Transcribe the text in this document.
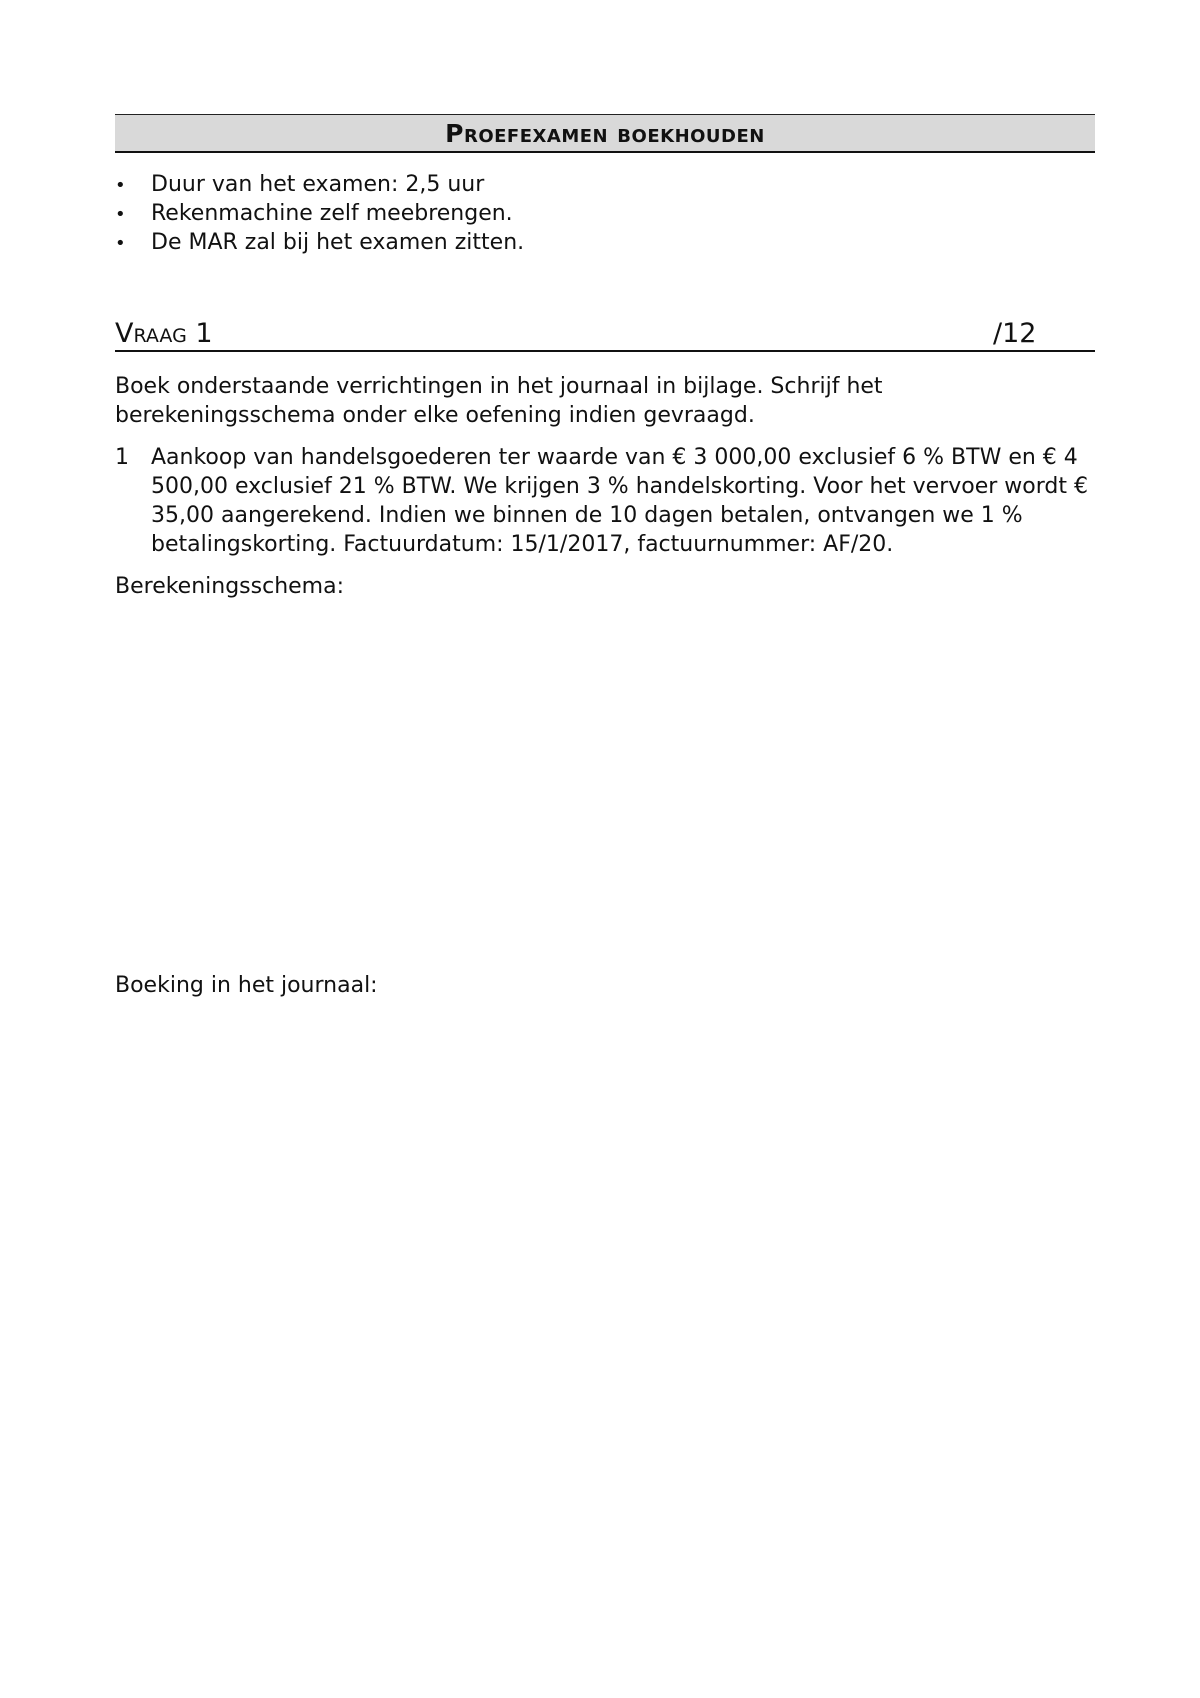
Proefexamen boekhouden
•	Duur van het examen: 2,5 uur
•	Rekenmachine zelf meebrengen.
•	De MAR zal bij het examen zitten.
Vraag 1	/12

Boek onderstaande verrichtingen in het journaal in bijlage. Schrijf het berekeningsschema onder elke oefening indien gevraagd.

1	Aankoop van handelsgoederen ter waarde van € 3 000,00 exclusief 6 % BTW en € 4 500,00 exclusief 21 % BTW. We krijgen 3 % handelskorting. Voor het vervoer wordt € 35,00 aangerekend. Indien we binnen de 10 dagen betalen, ontvangen we 1 % betalingskorting. Factuurdatum: 15/1/2017, factuurnummer: AF/20.
Berekeningsschema:
Boeking in het journaal:
